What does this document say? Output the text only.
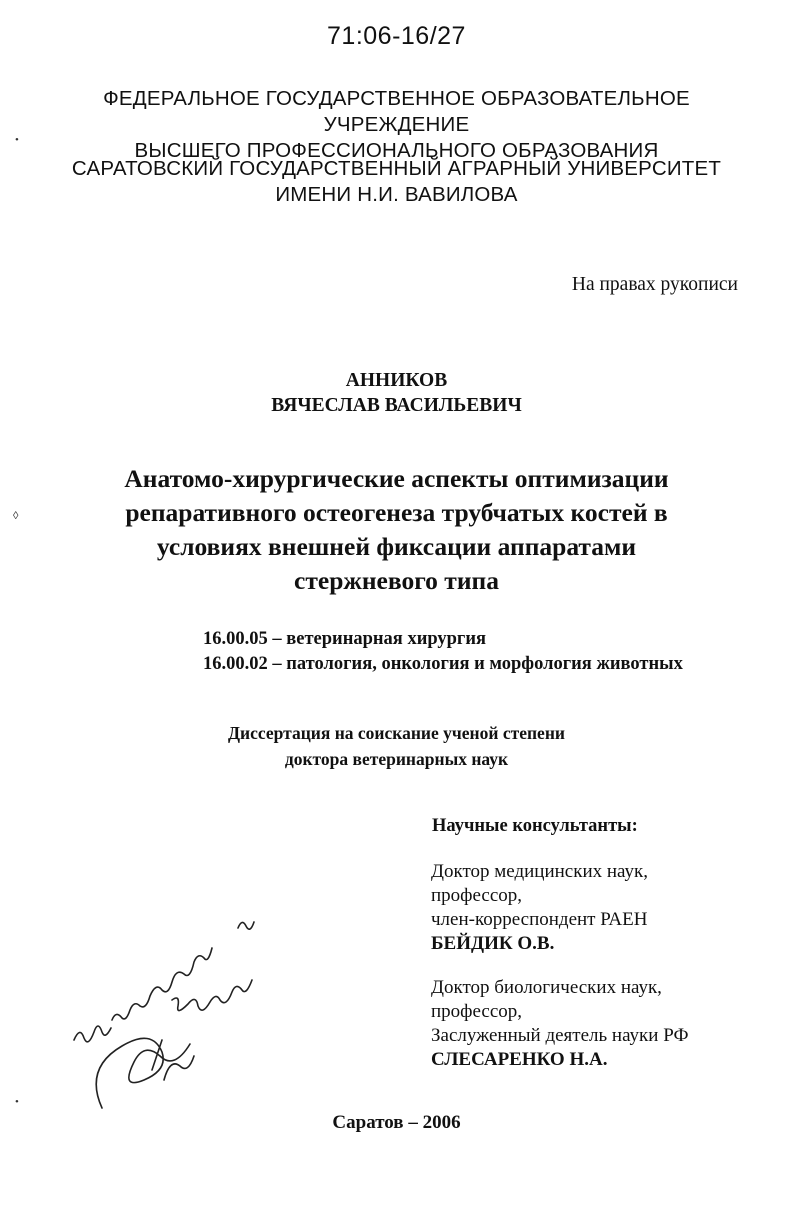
71:06-16/27
ФЕДЕРАЛЬНОЕ ГОСУДАРСТВЕННОЕ ОБРАЗОВАТЕЛЬНОЕ УЧРЕЖДЕНИЕ
ВЫСШЕГО ПРОФЕССИОНАЛЬНОГО ОБРАЗОВАНИЯ
САРАТОВСКИЙ ГОСУДАРСТВЕННЫЙ АГРАРНЫЙ УНИВЕРСИТЕТ
ИМЕНИ Н.И. ВАВИЛОВА
На правах рукописи
АННИКОВ
ВЯЧЕСЛАВ ВАСИЛЬЕВИЧ
Анатомо-хирургические аспекты оптимизации
репаративного остеогенеза трубчатых костей в
условиях внешней фиксации аппаратами
стержневого типа
16.00.05 – ветеринарная хирургия
16.00.02 – патология, онкология и морфология животных
Диссертация на соискание ученой степени
доктора ветеринарных наук
Научные консультанты:
Доктор медицинских наук,
профессор,
член-корреспондент РАЕН
БЕЙДИК О.В.
Доктор биологических наук,
профессор,
Заслуженный деятель науки РФ
СЛЕСАРЕНКО Н.А.
Саратов – 2006
•
◊
•
